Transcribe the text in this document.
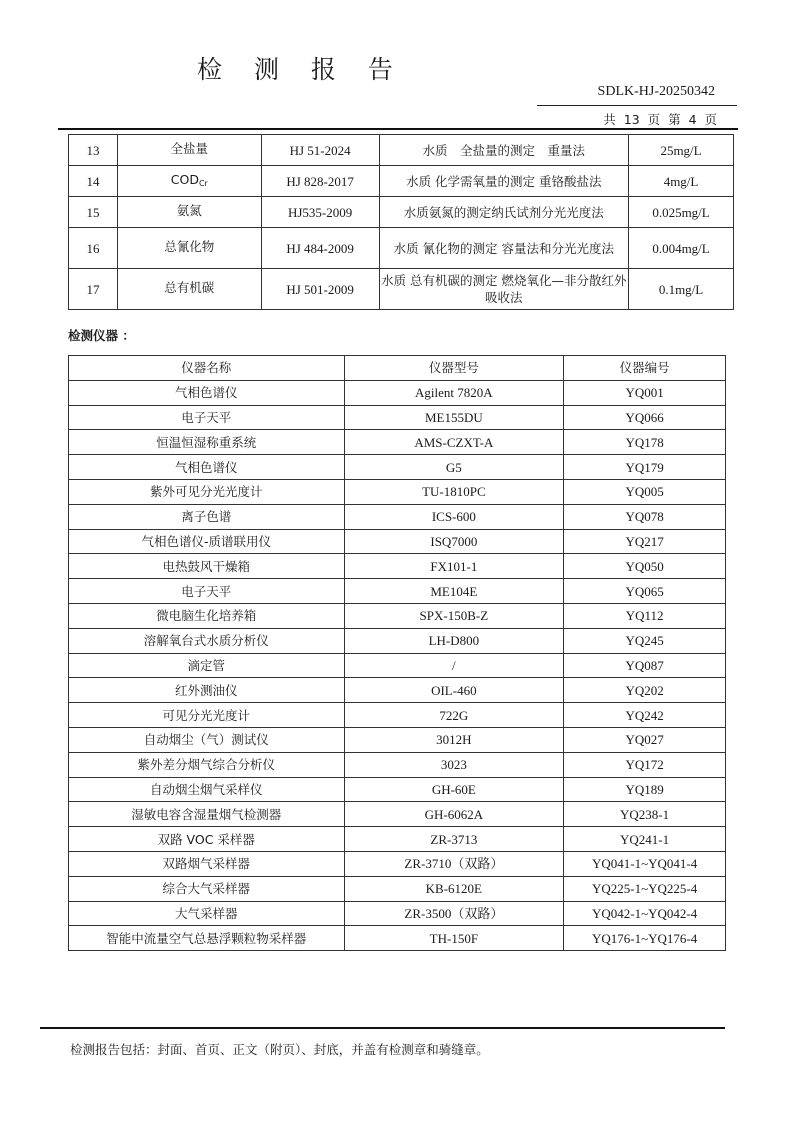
检 测 报 告
SDLK-HJ-20250342
共 13 页 第 4 页
13	全盐量	HJ 51-2024	水质　全盐量的测定　重量法	25mg/L
14	$COD_{Cr}$	HJ 828-2017	水质 化学需氧量的测定 重铬酸盐法	4mg/L
15	氨氮	HJ535-2009	水质氨氮的测定纳氏试剂分光光度法	0.025mg/L
16	总氰化物	HJ 484-2009	水质 氰化物的测定 容量法和分光光度法	0.004mg/L
17	总有机碳	HJ 501-2009	水质 总有机碳的测定 燃烧氧化—非分散红外吸收法	0.1mg/L
检测仪器 ：
仪器名称	仪器型号	仪器编号
气相色谱仪	Agilent 7820A	YQ001
电子天平	ME155DU	YQ066
恒温恒湿称重系统	AMS-CZXT-A	YQ178
气相色谱仪	G5	YQ179
紫外可见分光光度计	TU-1810PC	YQ005
离子色谱	ICS-600	YQ078
气相色谱仪-质谱联用仪	ISQ7000	YQ217
电热鼓风干燥箱	FX101-1	YQ050
电子天平	ME104E	YQ065
微电脑生化培养箱	SPX-150B-Z	YQ112
溶解氧台式水质分析仪	LH-D800	YQ245
滴定管	/	YQ087
红外测油仪	OIL-460	YQ202
可见分光光度计	722G	YQ242
自动烟尘（气）测试仪	3012H	YQ027
紫外差分烟气综合分析仪	3023	YQ172
自动烟尘烟气采样仪	GH-60E	YQ189
湿敏电容含湿量烟气检测器	GH-6062A	YQ238-1
双路 VOC 采样器	ZR-3713	YQ241-1
双路烟气采样器	ZR-3710（双路）	YQ041-1~YQ041-4
综合大气采样器	KB-6120E	YQ225-1~YQ225-4
大气采样器	ZR-3500（双路）	YQ042-1~YQ042-4
智能中流量空气总悬浮颗粒物采样器	TH-150F	YQ176-1~YQ176-4
检测报告包括：封面、首页、正文（附页）、封底，并盖有检测章和骑缝章。
